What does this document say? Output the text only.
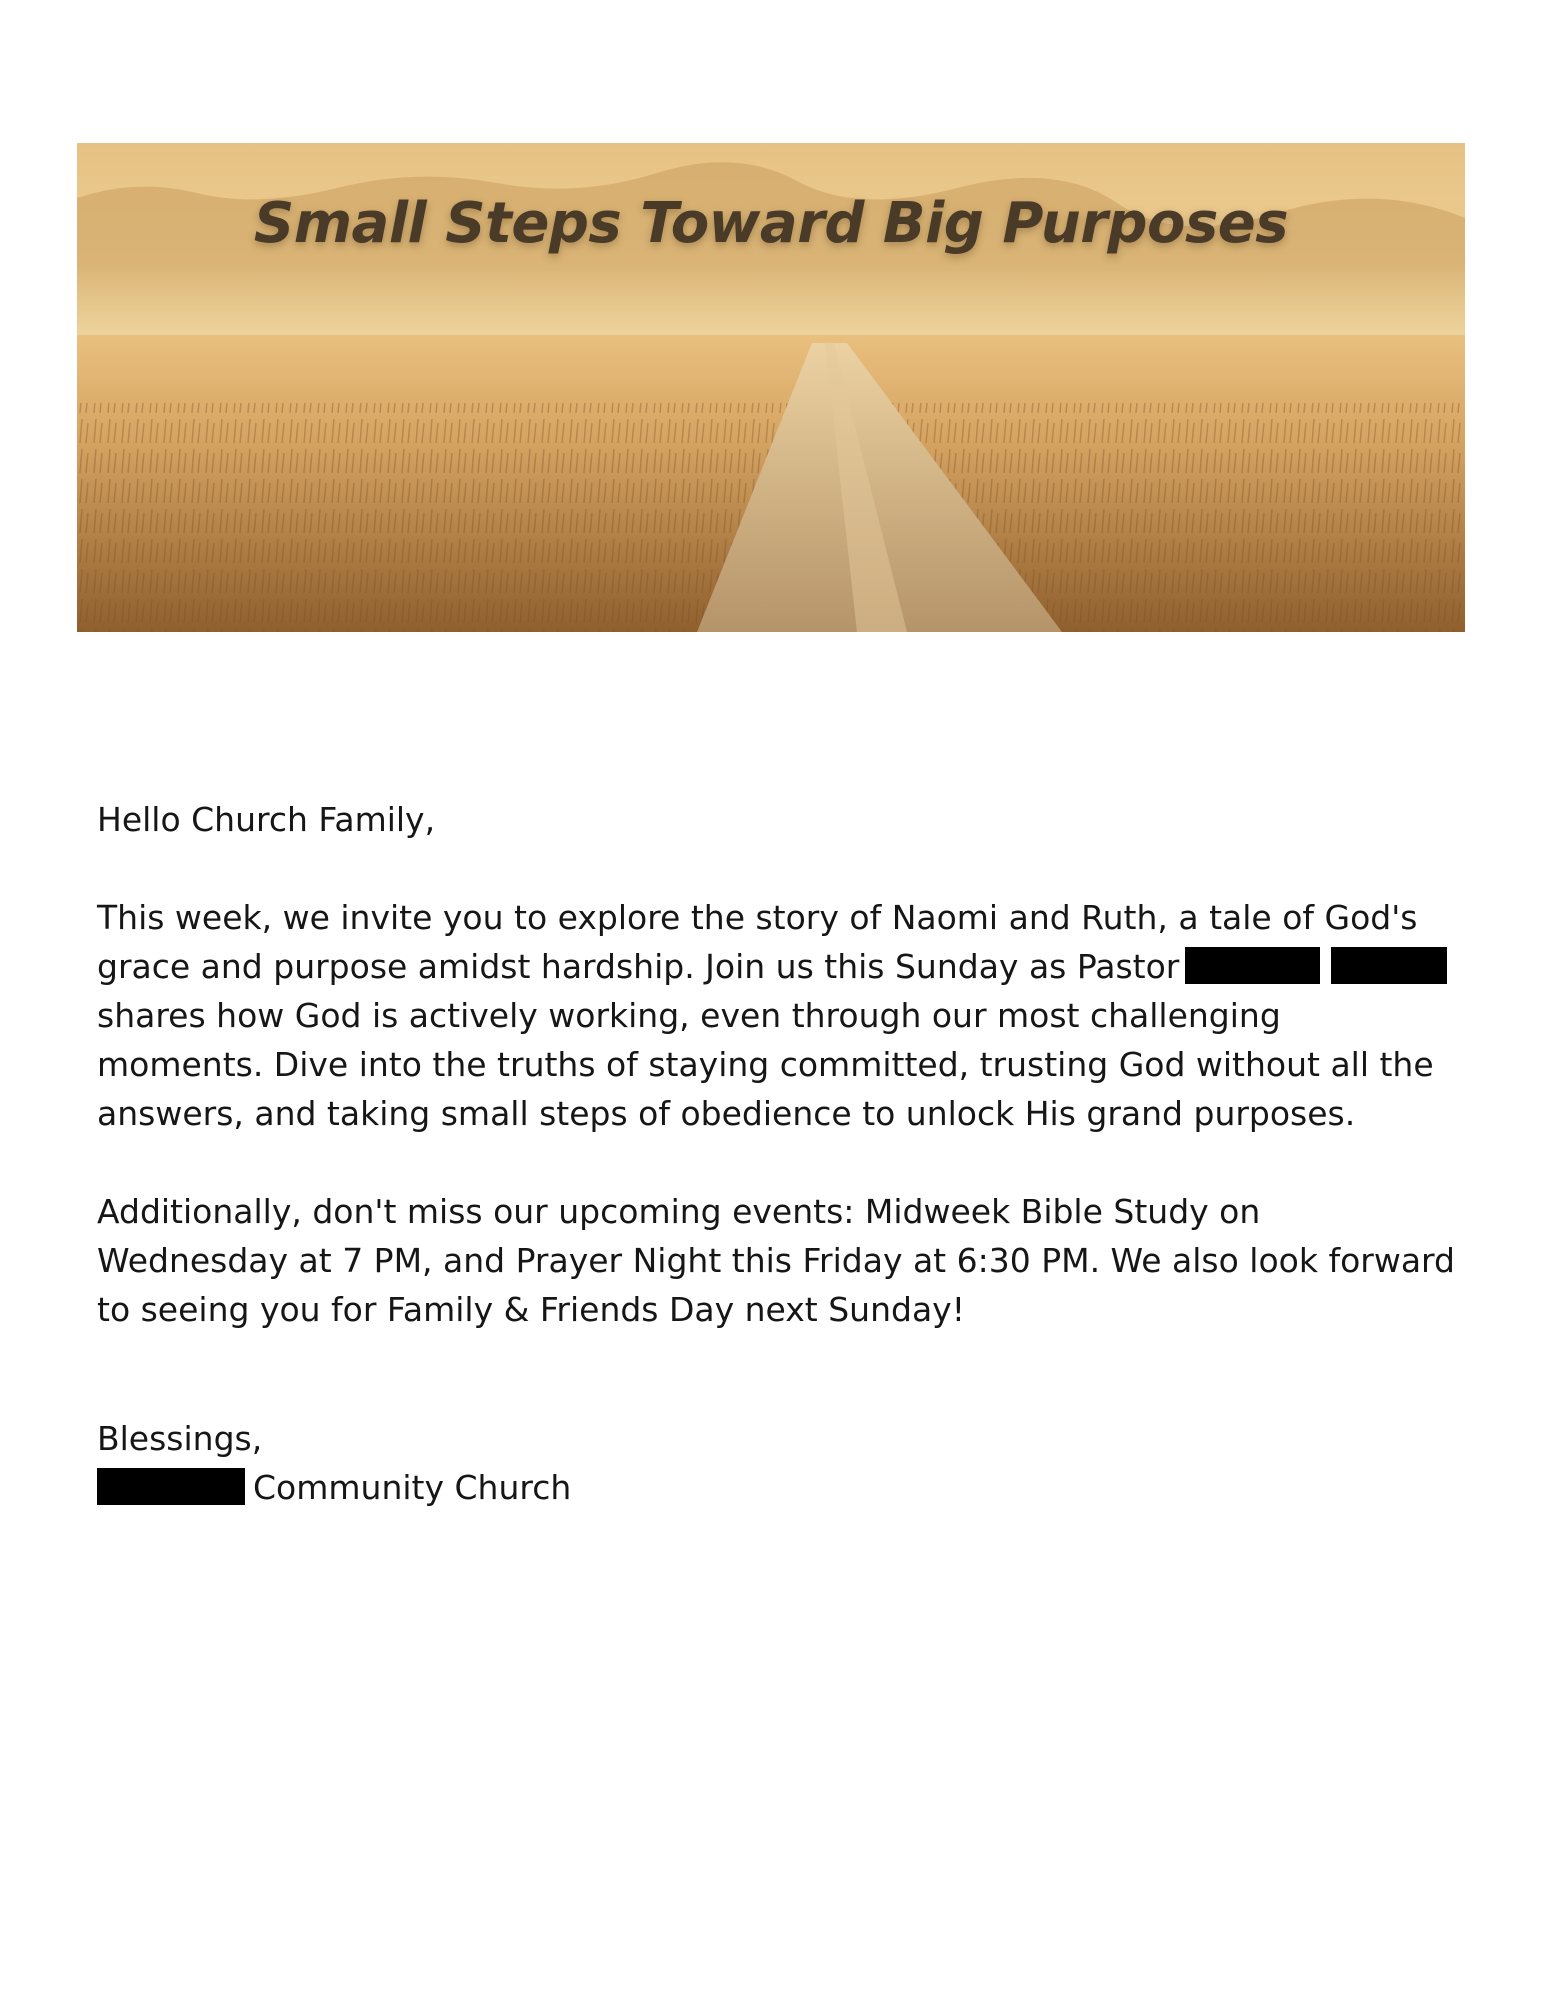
Small Steps Toward Big Purposes

Hello Church Family,

This week, we invite you to explore the story of Naomi and Ruth, a tale of God's grace and purpose amidst hardship. Join us this Sunday as Pastor shares how God is actively working, even through our most challenging moments. Dive into the truths of staying committed, trusting God without all the answers, and taking small steps of obedience to unlock His grand purposes.

Additionally, don't miss our upcoming events: Midweek Bible Study on Wednesday at 7 PM, and Prayer Night this Friday at 6:30 PM. We also look forward to seeing you for Family & Friends Day next Sunday!

Blessings,

Community Church
